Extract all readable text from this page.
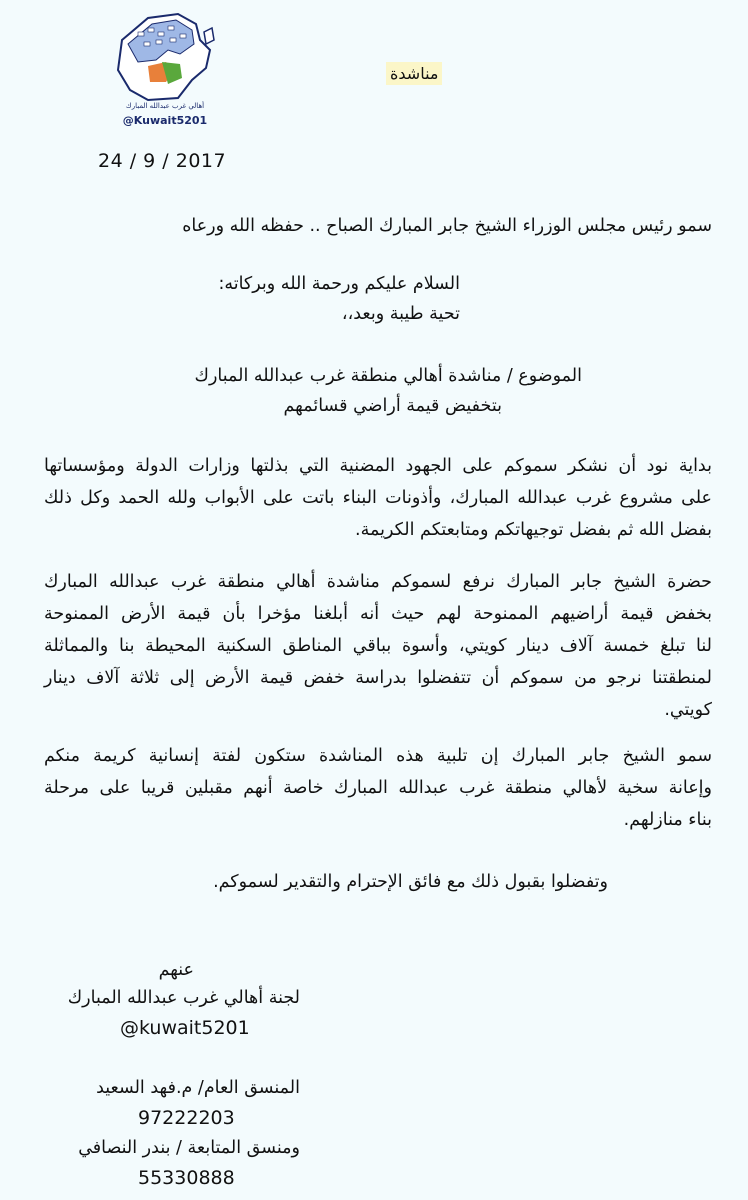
أهالي غرب عبدالله المبارك
@Kuwait5201
مناشدة
24 / 9 / 2017
سمو رئيس مجلس الوزراء الشيخ جابر المبارك الصباح .. حفظه الله ورعاه
السلام عليكم ورحمة الله وبركاته:
تحية طيبة وبعد،،
الموضوع / مناشدة أهالي منطقة غرب عبدالله المبارك
بتخفيض قيمة أراضي قسائمهم
بداية نود أن نشكر سموكم على الجهود المضنية التي بذلتها وزارات الدولة ومؤسساتها
على مشروع غرب عبدالله المبارك، وأذونات البناء باتت على الأبواب ولله الحمد وكل ذلك
بفضل الله ثم بفضل توجيهاتكم ومتابعتكم الكريمة.
حضرة الشيخ جابر المبارك نرفع لسموكم مناشدة أهالي منطقة غرب عبدالله المبارك
بخفض قيمة أراضيهم الممنوحة لهم حيث أنه أبلغنا مؤخرا بأن قيمة الأرض الممنوحة
لنا تبلغ خمسة آلاف دينار كويتي، وأسوة بباقي المناطق السكنية المحيطة بنا والمماثلة
لمنطقتنا نرجو من سموكم أن تتفضلوا بدراسة خفض قيمة الأرض إلى ثلاثة آلاف دينار
كويتي.
سمو الشيخ جابر المبارك إن تلبية هذه المناشدة ستكون لفتة إنسانية كريمة منكم
وإعانة سخية لأهالي منطقة غرب عبدالله المبارك خاصة أنهم مقبلين قريبا على مرحلة
بناء منازلهم.
وتفضلوا بقبول ذلك مع فائق الإحترام والتقدير لسموكم.
عنهم
لجنة أهالي غرب عبدالله المبارك
@kuwait5201
المنسق العام/ م.فهد السعيد
97222203
ومنسق المتابعة / بندر النصافي
55330888
